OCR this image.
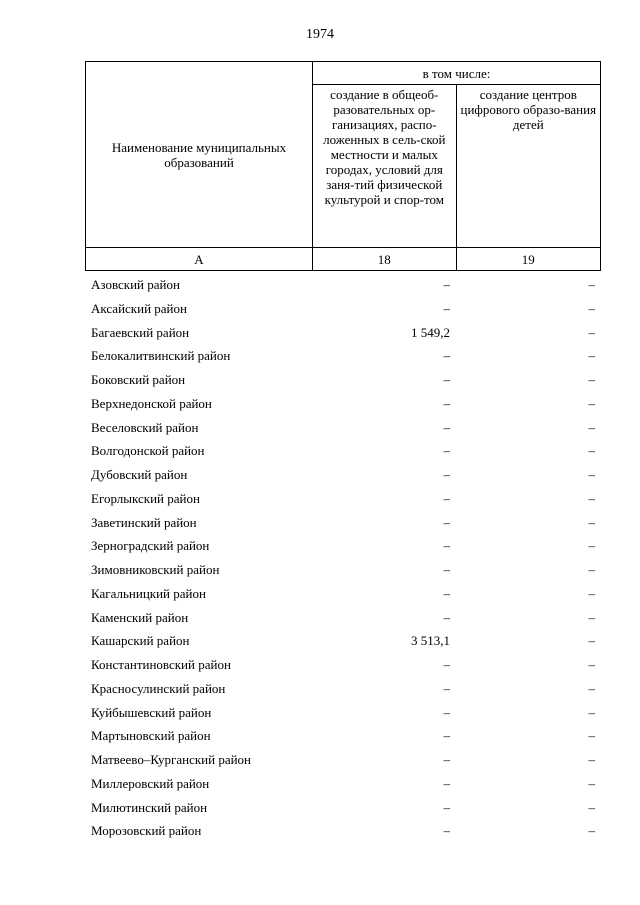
1974
Наименование муниципальных образований	в том числе:	
	создание в общеоб-разовательных ор-ганизациях, распо-ложенных в сель-ской местности и малых городах, условий для заня-тий физической культурой и спор-том	создание центров цифрового образо-вания детей
А	18	19
Азовский район	–	–
Аксайский район	–	–
Багаевский район	1 549,2	–
Белокалитвинский район	–	–
Боковский район	–	–
Верхнедонской район	–	–
Веселовский район	–	–
Волгодонской район	–	–
Дубовский район	–	–
Егорлыкский район	–	–
Заветинский район	–	–
Зерноградский район	–	–
Зимовниковский район	–	–
Кагальницкий район	–	–
Каменский район	–	–
Кашарский район	3 513,1	–
Константиновский район	–	–
Красносулинский район	–	–
Куйбышевский район	–	–
Мартыновский район	–	–
Матвеево–Курганский район	–	–
Миллеровский район	–	–
Милютинский район	–	–
Морозовский район	–	–
